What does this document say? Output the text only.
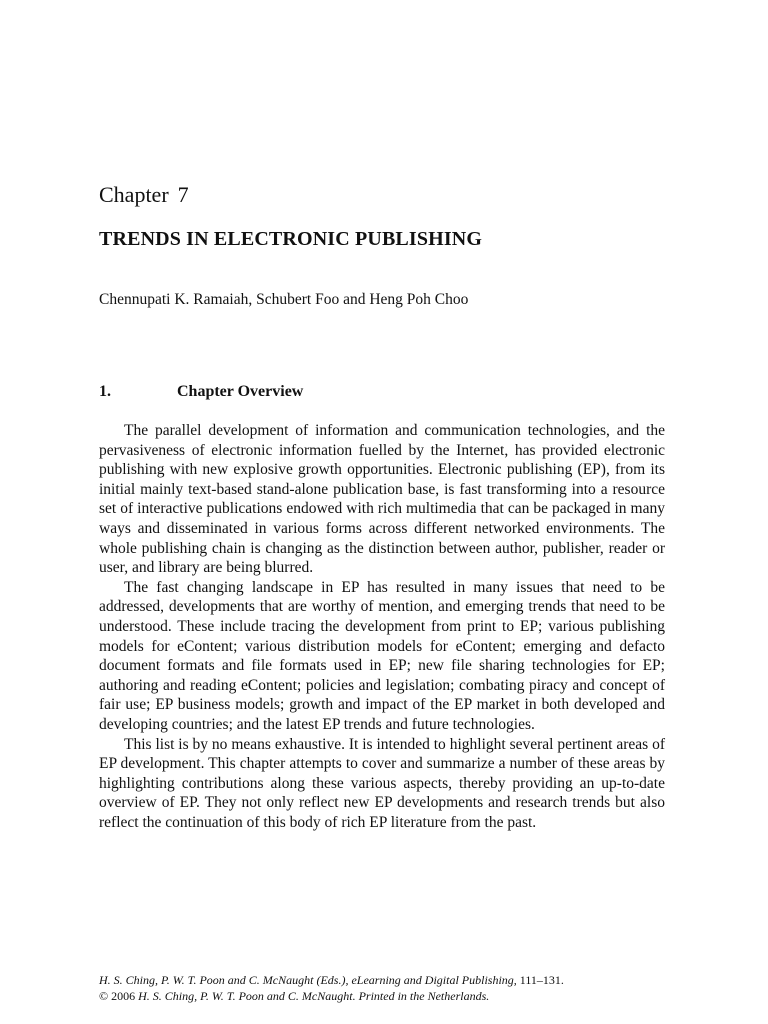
Chapter 7
TRENDS IN ELECTRONIC PUBLISHING
Chennupati K. Ramaiah, Schubert Foo and Heng Poh Choo
1.	Chapter Overview

The parallel development of information and communication technologies, and the pervasiveness of electronic information fuelled by the Internet, has provided electronic publishing with new explosive growth opportunities. Electronic publishing (EP), from its initial mainly text-based stand-alone publication base, is fast transforming into a resource set of interactive publications endowed with rich multimedia that can be packaged in many ways and disseminated in various forms across different networked environments. The whole publishing chain is changing as the distinction between author, publisher, reader or user, and library are being blurred.

The fast changing landscape in EP has resulted in many issues that need to be addressed, developments that are worthy of mention, and emerging trends that need to be understood. These include tracing the development from print to EP; various publishing models for eContent; various distribution models for eContent; emerging and defacto document formats and file formats used in EP; new file sharing technologies for EP; authoring and reading eContent; policies and legislation; combating piracy and concept of fair use; EP business models; growth and impact of the EP market in both developed and developing countries; and the latest EP trends and future technologies.

This list is by no means exhaustive. It is intended to highlight several pertinent areas of EP development. This chapter attempts to cover and summarize a number of these areas by highlighting contributions along these various aspects, thereby providing an up-to-date overview of EP. They not only reflect new EP developments and research trends but also reflect the continuation of this body of rich EP literature from the past.

H. S. Ching, P. W. T. Poon and C. McNaught (Eds.), eLearning and Digital Publishing, 111–131.
© 2006 H. S. Ching, P. W. T. Poon and C. McNaught. Printed in the Netherlands.
